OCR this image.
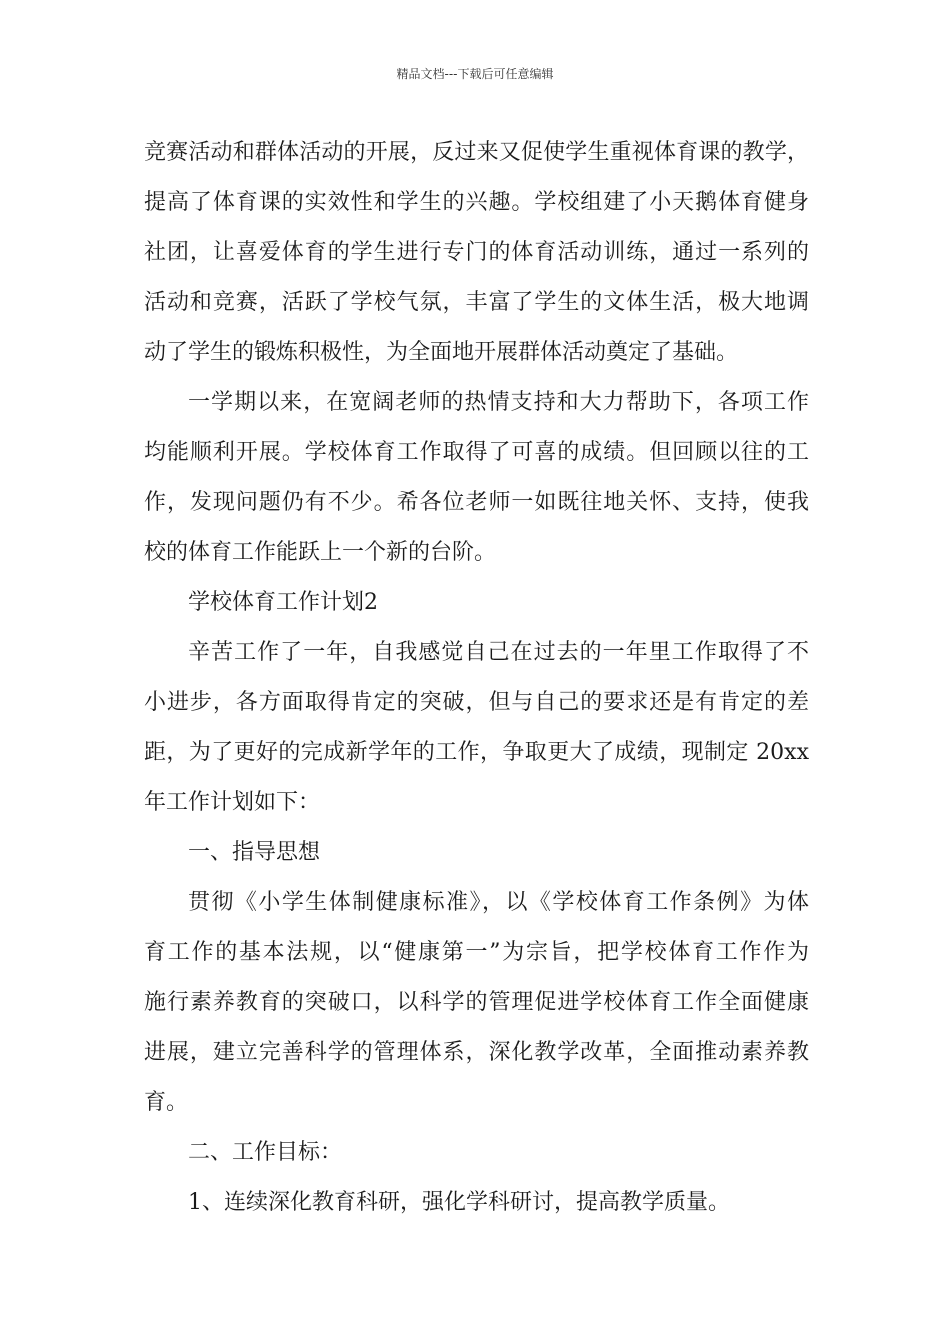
精品文档---下载后可任意编辑
竞赛活动和群体活动的开展，反过来又促使学生重视体育课的教学，
提高了体育课的实效性和学生的兴趣。学校组建了小天鹅体育健身
社团，让喜爱体育的学生进行专门的体育活动训练，通过一系列的
活动和竞赛，活跃了学校气氛，丰富了学生的文体生活，极大地调
动了学生的锻炼积极性，为全面地开展群体活动奠定了基础。
一学期以来，在宽阔老师的热情支持和大力帮助下，各项工作
均能顺利开展。学校体育工作取得了可喜的成绩。但回顾以往的工
作，发现问题仍有不少。希各位老师一如既往地关怀、支持，使我
校的体育工作能跃上一个新的台阶。
学校体育工作计划2
辛苦工作了一年，自我感觉自己在过去的一年里工作取得了不
小进步，各方面取得肯定的突破，但与自己的要求还是有肯定的差
距，为了更好的完成新学年的工作，争取更大了成绩，现制定 20xx
年工作计划如下：
一、指导思想
贯彻《小学生体制健康标准》，以《学校体育工作条例》为体
育工作的基本法规，以“健康第一”为宗旨，把学校体育工作作为
施行素养教育的突破口，以科学的管理促进学校体育工作全面健康
进展，建立完善科学的管理体系，深化教学改革，全面推动素养教
育。
二、工作目标：
1、连续深化教育科研，强化学科研讨，提高教学质量。
